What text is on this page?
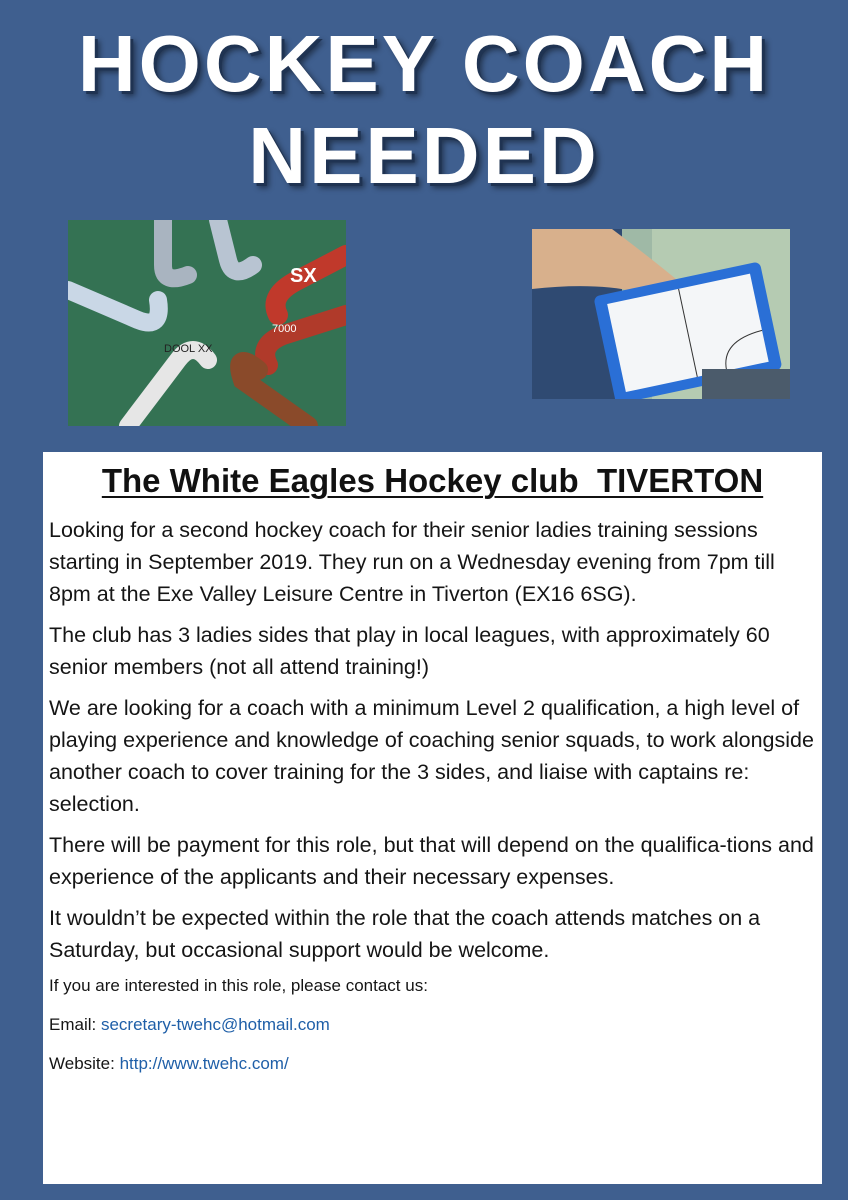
HOCKEY COACH
NEEDED
SX
DOOL XX
7000
The White Eagles Hockey club  TIVERTON

Looking for a second hockey coach for their senior ladies training sessions starting in September 2019. They run on a Wednesday evening from 7pm till 8pm at the Exe Valley Leisure Centre in Tiverton (EX16 6SG).

The club has 3 ladies sides that play in local leagues, with approximately 60 senior members (not all attend training!)

We are looking for a coach with a minimum Level 2 qualification, a high level of playing experience and knowledge of coaching senior squads, to work alongside another coach to cover training for the 3 sides, and liaise with captains re: selection.

There will be payment for this role, but that will depend on the qualifica-tions and experience of the applicants and their necessary expenses.

It wouldn’t be expected within the role that the coach attends matches on a Saturday, but occasional support would be welcome.

If you are interested in this role, please contact us:

Email: secretary-twehc@hotmail.com

Website: http://www.twehc.com/
